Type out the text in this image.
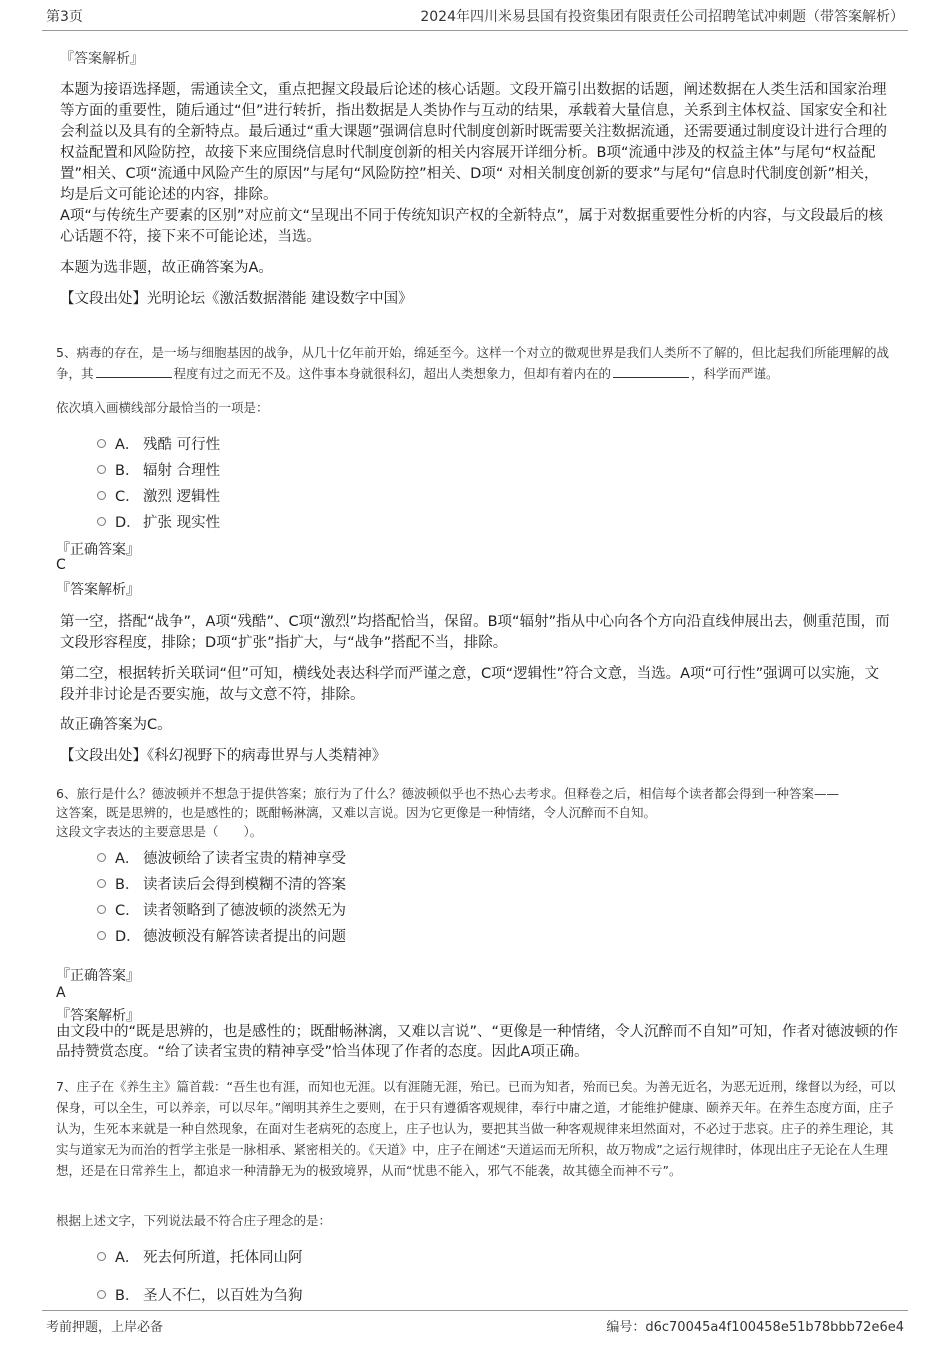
第3页	2024年四川米易县国有投资集团有限责任公司招聘笔试冲刺题（带答案解析）
『答案解析』
本题为接语选择题，需通读全文，重点把握文段最后论述的核心话题。文段开篇引出数据的话题，阐述数据在人类生活和国家治理等方面的重要性，随后通过“但”进行转折，指出数据是人类协作与互动的结果，承载着大量信息，关系到主体权益、国家安全和社会利益以及具有的全新特点。最后通过“重大课题”强调信息时代制度创新时既需要关注数据流通，还需要通过制度设计进行合理的权益配置和风险防控，故接下来应围绕信息时代制度创新的相关内容展开详细分析。B项“流通中涉及的权益主体”与尾句“权益配置”相关、C项“流通中风险产生的原因”与尾句“风险防控”相关、D项“ 对相关制度创新的要求”与尾句“信息时代制度创新”相关，均是后文可能论述的内容，排除。
A项“与传统生产要素的区别”对应前文“呈现出不同于传统知识产权的全新特点”，属于对数据重要性分析的内容，与文段最后的核心话题不符，接下来不可能论述，当选。
本题为选非题，故正确答案为A。
【文段出处】光明论坛《激活数据潜能 建设数字中国》
5、病毒的存在，是一场与细胞基因的战争，从几十亿年前开始，绵延至今。这样一个对立的微观世界是我们人类所不了解的，但比起我们所能理解的战争，其	程度有过之而无不及。这件事本身就很科幻，超出人类想象力，但却有着内在的	，科学而严谨。
依次填入画横线部分最恰当的一项是：
A． 残酷 可行性
B． 辐射 合理性
C． 激烈 逻辑性
D． 扩张 现实性
『正确答案』
C
『答案解析』
第一空，搭配“战争”，A项“残酷”、C项“激烈”均搭配恰当，保留。B项“辐射”指从中心向各个方向沿直线伸展出去，侧重范围，而文段形容程度，排除；D项“扩张”指扩大，与“战争”搭配不当，排除。
第二空，根据转折关联词“但”可知，横线处表达科学而严谨之意，C项“逻辑性”符合文意，当选。A项“可行性”强调可以实施，文段并非讨论是否要实施，故与文意不符，排除。
故正确答案为C。
【文段出处】《科幻视野下的病毒世界与人类精神》
6、旅行是什么？德波顿并不想急于提供答案；旅行为了什么？德波顿似乎也不热心去考求。但释卷之后，相信每个读者都会得到一种答案——
这答案，既是思辨的，也是感性的；既酣畅淋漓，又难以言说。因为它更像是一种情绪，令人沉醉而不自知。
这段文字表达的主要意思是（　　）。
A． 德波顿给了读者宝贵的精神享受
B． 读者读后会得到模糊不清的答案
C． 读者领略到了德波顿的淡然无为
D． 德波顿没有解答读者提出的问题
『正确答案』
A
『答案解析』
由文段中的“既是思辨的，也是感性的；既酣畅淋漓，又难以言说”、“更像是一种情绪，令人沉醉而不自知”可知，作者对德波顿的作品持赞赏态度。“给了读者宝贵的精神享受”恰当体现了作者的态度。因此A项正确。
7、庄子在《养生主》篇首载：“吾生也有涯，而知也无涯。以有涯随无涯，殆已。已而为知者，殆而已矣。为善无近名，为恶无近刑，缘督以为经，可以保身，可以全生，可以养亲，可以尽年。”阐明其养生之要则，在于只有遵循客观规律，奉行中庸之道，才能维护健康、颐养天年。在养生态度方面，庄子认为，生死本来就是一种自然现象，在面对生老病死的态度上，庄子也认为，要把其当做一种客观规律来坦然面对，不必过于悲哀。庄子的养生理论，其实与道家无为而治的哲学主张是一脉相承、紧密相关的。《天道》中，庄子在阐述“天道运而无所积，故万物成”之运行规律时，体现出庄子无论在人生理想，还是在日常养生上，都追求一种清静无为的极致境界，从而“忧患不能入，邪气不能袭，故其德全而神不亏”。
根据上述文字，下列说法最不符合庄子理念的是：
A． 死去何所道，托体同山阿
B． 圣人不仁，以百姓为刍狗
考前押题，上岸必备	编号：d6c70045a4f100458e51b78bbb72e6e4
